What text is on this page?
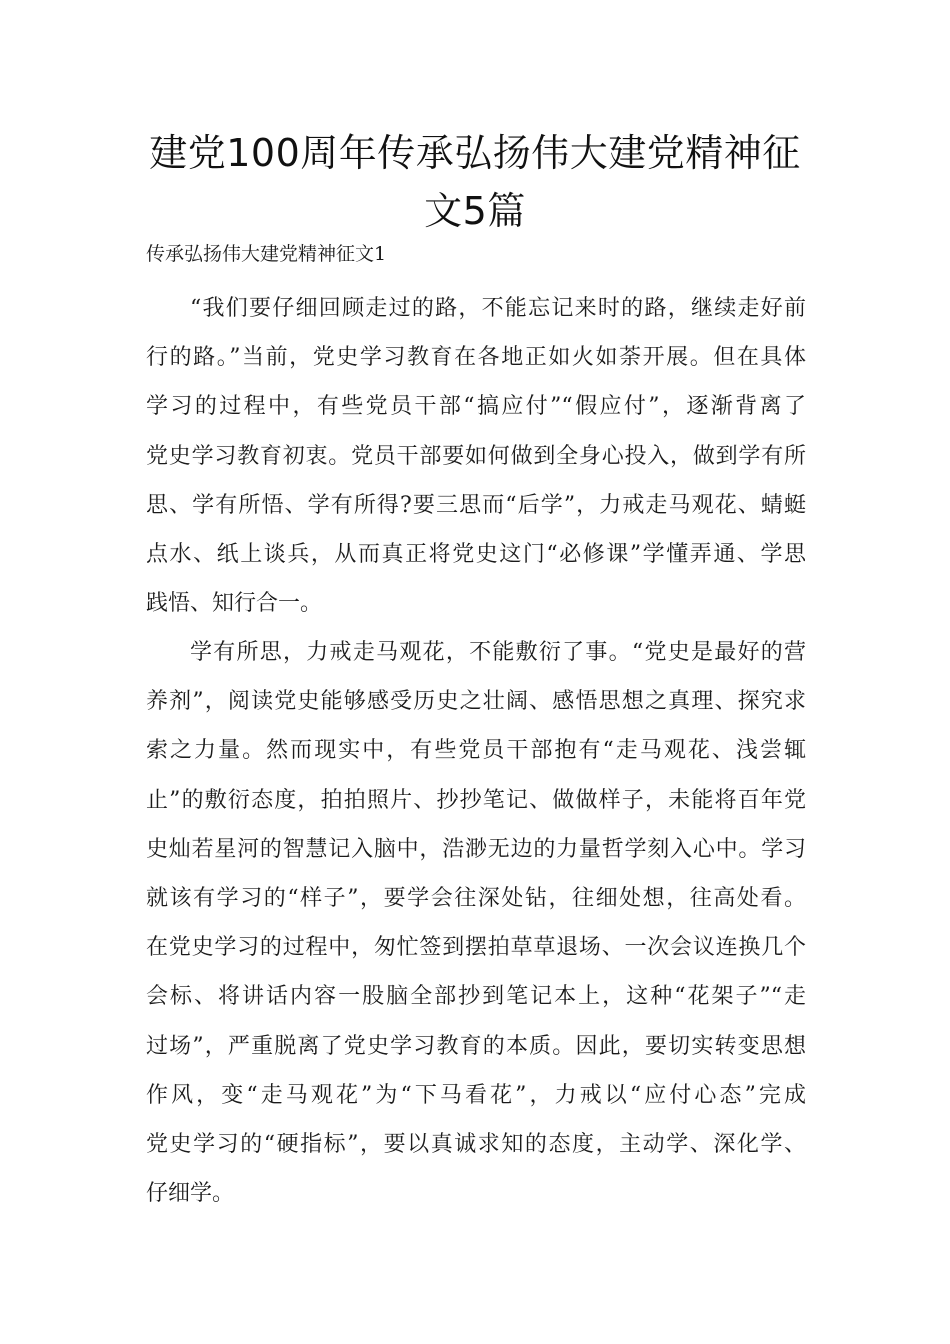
建党100周年传承弘扬伟大建党精神征
文5篇

传承弘扬伟大建党精神征文1

“我们要仔细回顾走过的路，不能忘记来时的路，继续走好前
行的路。”当前，党史学习教育在各地正如火如荼开展。但在具体
学习的过程中，有些党员干部“搞应付”“假应付”，逐渐背离了
党史学习教育初衷。党员干部要如何做到全身心投入，做到学有所
思、学有所悟、学有所得?要三思而“后学”，力戒走马观花、蜻蜓
点水、纸上谈兵，从而真正将党史这门“必修课”学懂弄通、学思
践悟、知行合一。
学有所思，力戒走马观花，不能敷衍了事。“党史是最好的营
养剂”，阅读党史能够感受历史之壮阔、感悟思想之真理、探究求
索之力量。然而现实中，有些党员干部抱有“走马观花、浅尝辄
止”的敷衍态度，拍拍照片、抄抄笔记、做做样子，未能将百年党
史灿若星河的智慧记入脑中，浩渺无边的力量哲学刻入心中。学习
就该有学习的“样子”，要学会往深处钻，往细处想，往高处看。
在党史学习的过程中，匆忙签到摆拍草草退场、一次会议连换几个
会标、将讲话内容一股脑全部抄到笔记本上，这种“花架子”“走
过场”，严重脱离了党史学习教育的本质。因此，要切实转变思想
作风，变“走马观花”为“下马看花”，力戒以“应付心态”完成
党史学习的“硬指标”，要以真诚求知的态度，主动学、深化学、
仔细学。
